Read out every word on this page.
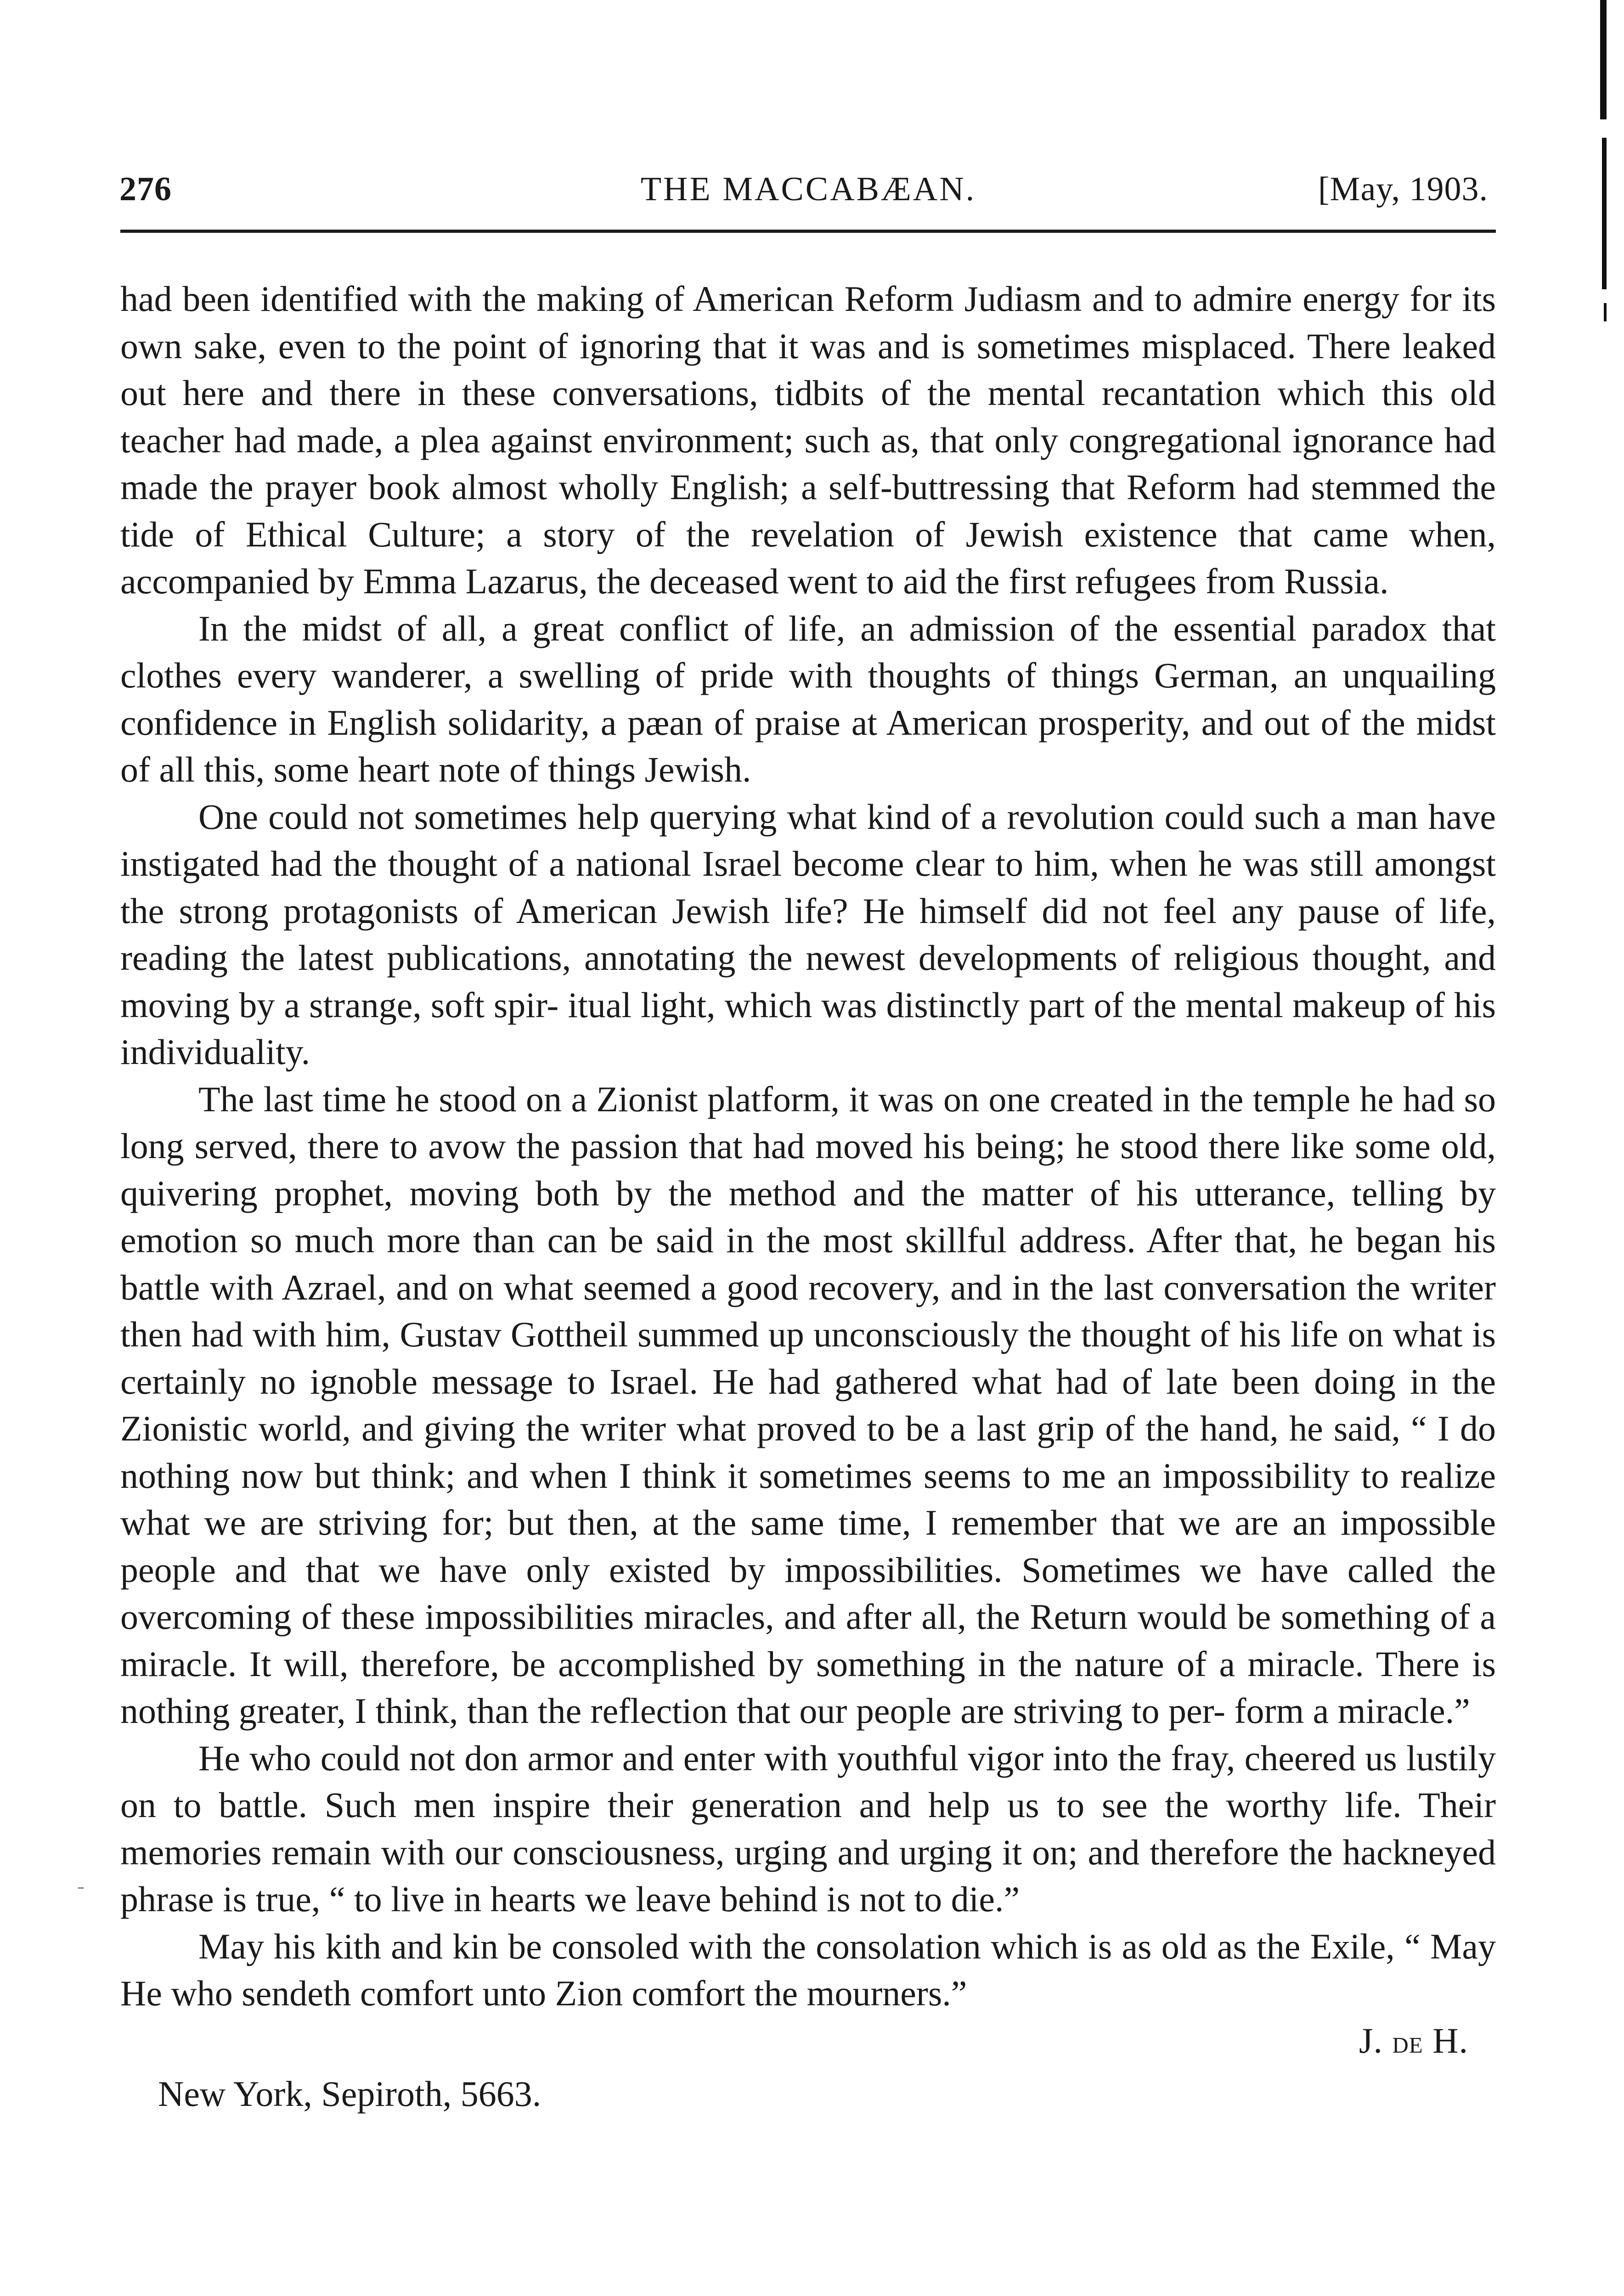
276	THE MACCABÆAN.	[May, 1903.

had been identified with the making of American Reform Judiasm and to admire energy for its own sake, even to the point of ignoring that it was and is sometimes misplaced. There leaked out here and there in these conversations, tidbits of the mental recantation which this old teacher had made, a plea against environment; such as, that only congregational ignorance had made the prayer book almost wholly English; a self-buttressing that Reform had stemmed the tide of Ethical Culture; a story of the revelation of Jewish existence that came when, accompanied by Emma Lazarus, the deceased went to aid the first refugees from Russia.

In the midst of all, a great conflict of life, an admission of the essential paradox that clothes every wanderer, a swelling of pride with thoughts of things German, an unquailing confidence in English solidarity, a pæan of praise at American prosperity, and out of the midst of all this, some heart note of things Jewish.

One could not sometimes help querying what kind of a revolution could such a man have instigated had the thought of a national Israel become clear to him, when he was still amongst the strong protagonists of American Jewish life? He himself did not feel any pause of life, reading the latest publications, annotating the newest developments of religious thought, and moving by a strange, soft spir- itual light, which was distinctly part of the mental makeup of his individuality.

The last time he stood on a Zionist platform, it was on one created in the temple he had so long served, there to avow the passion that had moved his being; he stood there like some old, quivering prophet, moving both by the method and the matter of his utterance, telling by emotion so much more than can be said in the most skillful address. After that, he began his battle with Azrael, and on what seemed a good recovery, and in the last conversation the writer then had with him, Gustav Gottheil summed up unconsciously the thought of his life on what is certainly no ignoble message to Israel. He had gathered what had of late been doing in the Zionistic world, and giving the writer what proved to be a last grip of the hand, he said, “ I do nothing now but think; and when I think it sometimes seems to me an impossibility to realize what we are striving for; but then, at the same time, I remember that we are an impossible people and that we have only existed by impossibilities. Sometimes we have called the overcoming of these impossibilities miracles, and after all, the Return would be something of a miracle. It will, therefore, be accomplished by something in the nature of a miracle. There is nothing greater, I think, than the reflection that our people are striving to per- form a miracle.”

He who could not don armor and enter with youthful vigor into the fray, cheered us lustily on to battle. Such men inspire their generation and help us to see the worthy life. Their memories remain with our consciousness, urging and urging it on; and therefore the hackneyed phrase is true, “ to live in hearts we leave behind is not to die.”

May his kith and kin be consoled with the consolation which is as old as the Exile, “ May He who sendeth comfort unto Zion comfort the mourners.”

J. de H.
New York, Sepiroth, 5663.
